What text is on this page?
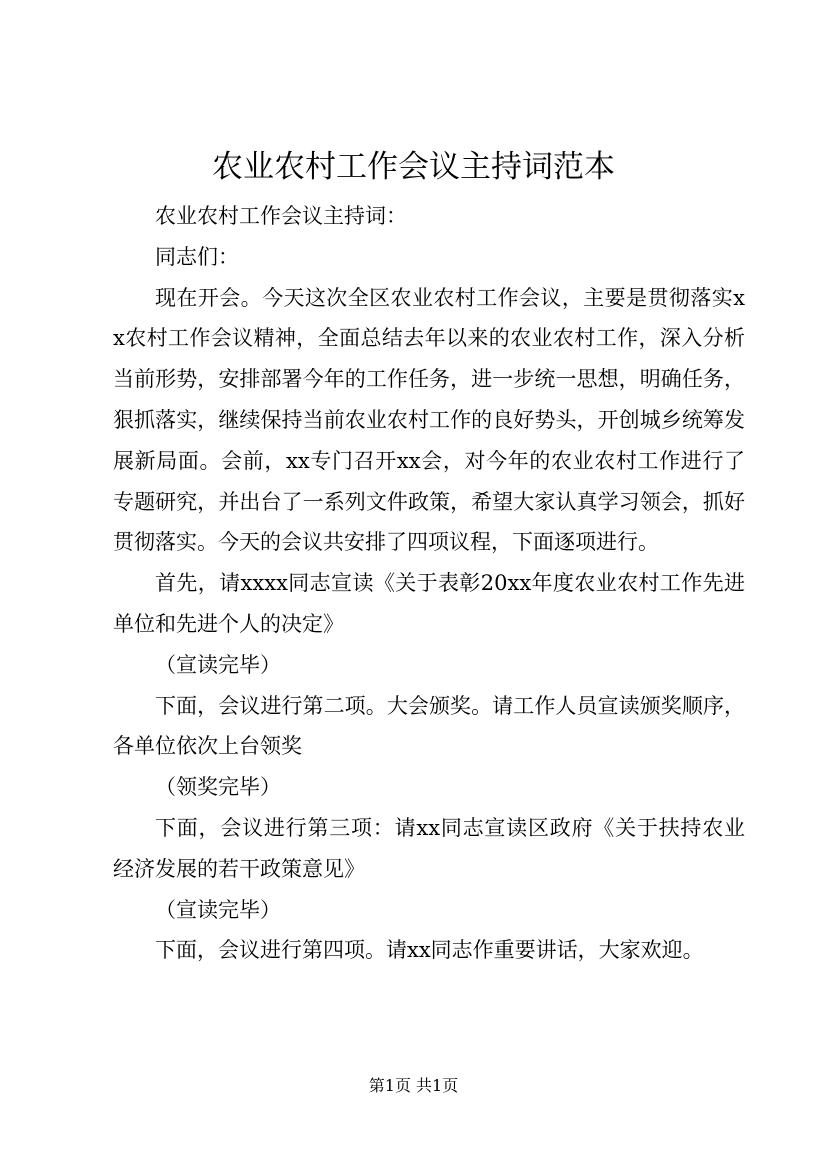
农业农村工作会议主持词范本

农业农村工作会议主持词：

同志们：

现在开会。今天这次全区农业农村工作会议，主要是贯彻落实xx农村工作会议精神，全面总结去年以来的农业农村工作，深入分析当前形势，安排部署今年的工作任务，进一步统一思想，明确任务，狠抓落实，继续保持当前农业农村工作的良好势头，开创城乡统筹发展新局面。会前，xx专门召开xx会，对今年的农业农村工作进行了专题研究，并出台了一系列文件政策，希望大家认真学习领会，抓好贯彻落实。今天的会议共安排了四项议程，下面逐项进行。

首先，请xxxx同志宣读《关于表彰20xx年度农业农村工作先进单位和先进个人的决定》

（宣读完毕）

下面，会议进行第二项。大会颁奖。请工作人员宣读颁奖顺序，各单位依次上台领奖

（领奖完毕）

下面，会议进行第三项：请xx同志宣读区政府《关于扶持农业经济发展的若干政策意见》

（宣读完毕）

下面，会议进行第四项。请xx同志作重要讲话，大家欢迎。

第1页 共1页
